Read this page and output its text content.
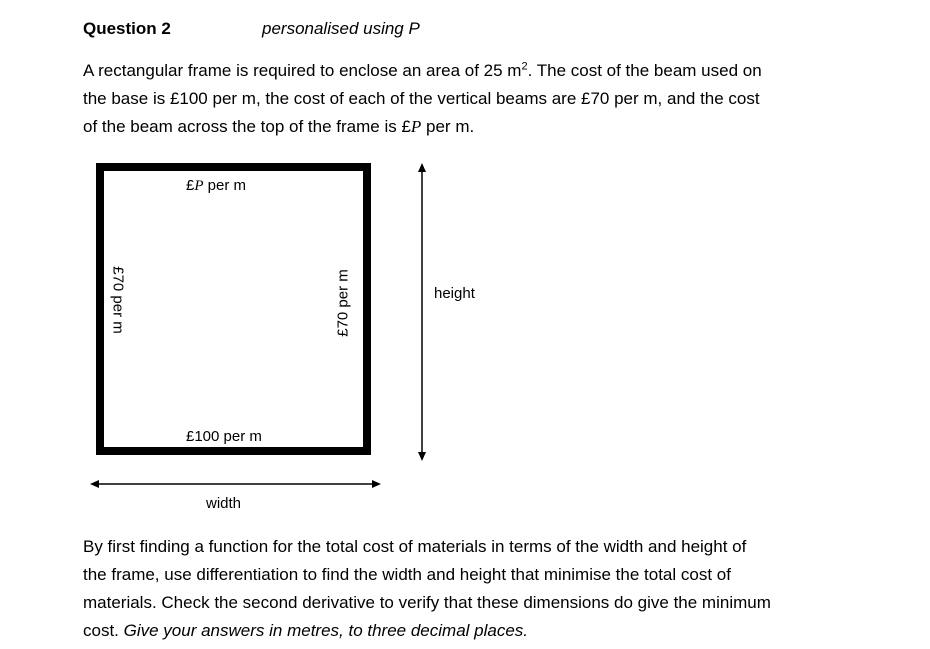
Question 2	personalised using P

A rectangular frame is required to enclose an area of 25 $m^2$. The cost of the beam used on

the base is £100 per m, the cost of each of the vertical beams are £70 per m, and the cost

of the beam across the top of the frame is £P per m.

£P per m
£100 per m
£70 per m	£70 per m	height
width

By first finding a function for the total cost of materials in terms of the width and height of

the frame, use differentiation to find the width and height that minimise the total cost of

materials. Check the second derivative to verify that these dimensions do give the minimum

cost. Give your answers in metres, to three decimal places.
